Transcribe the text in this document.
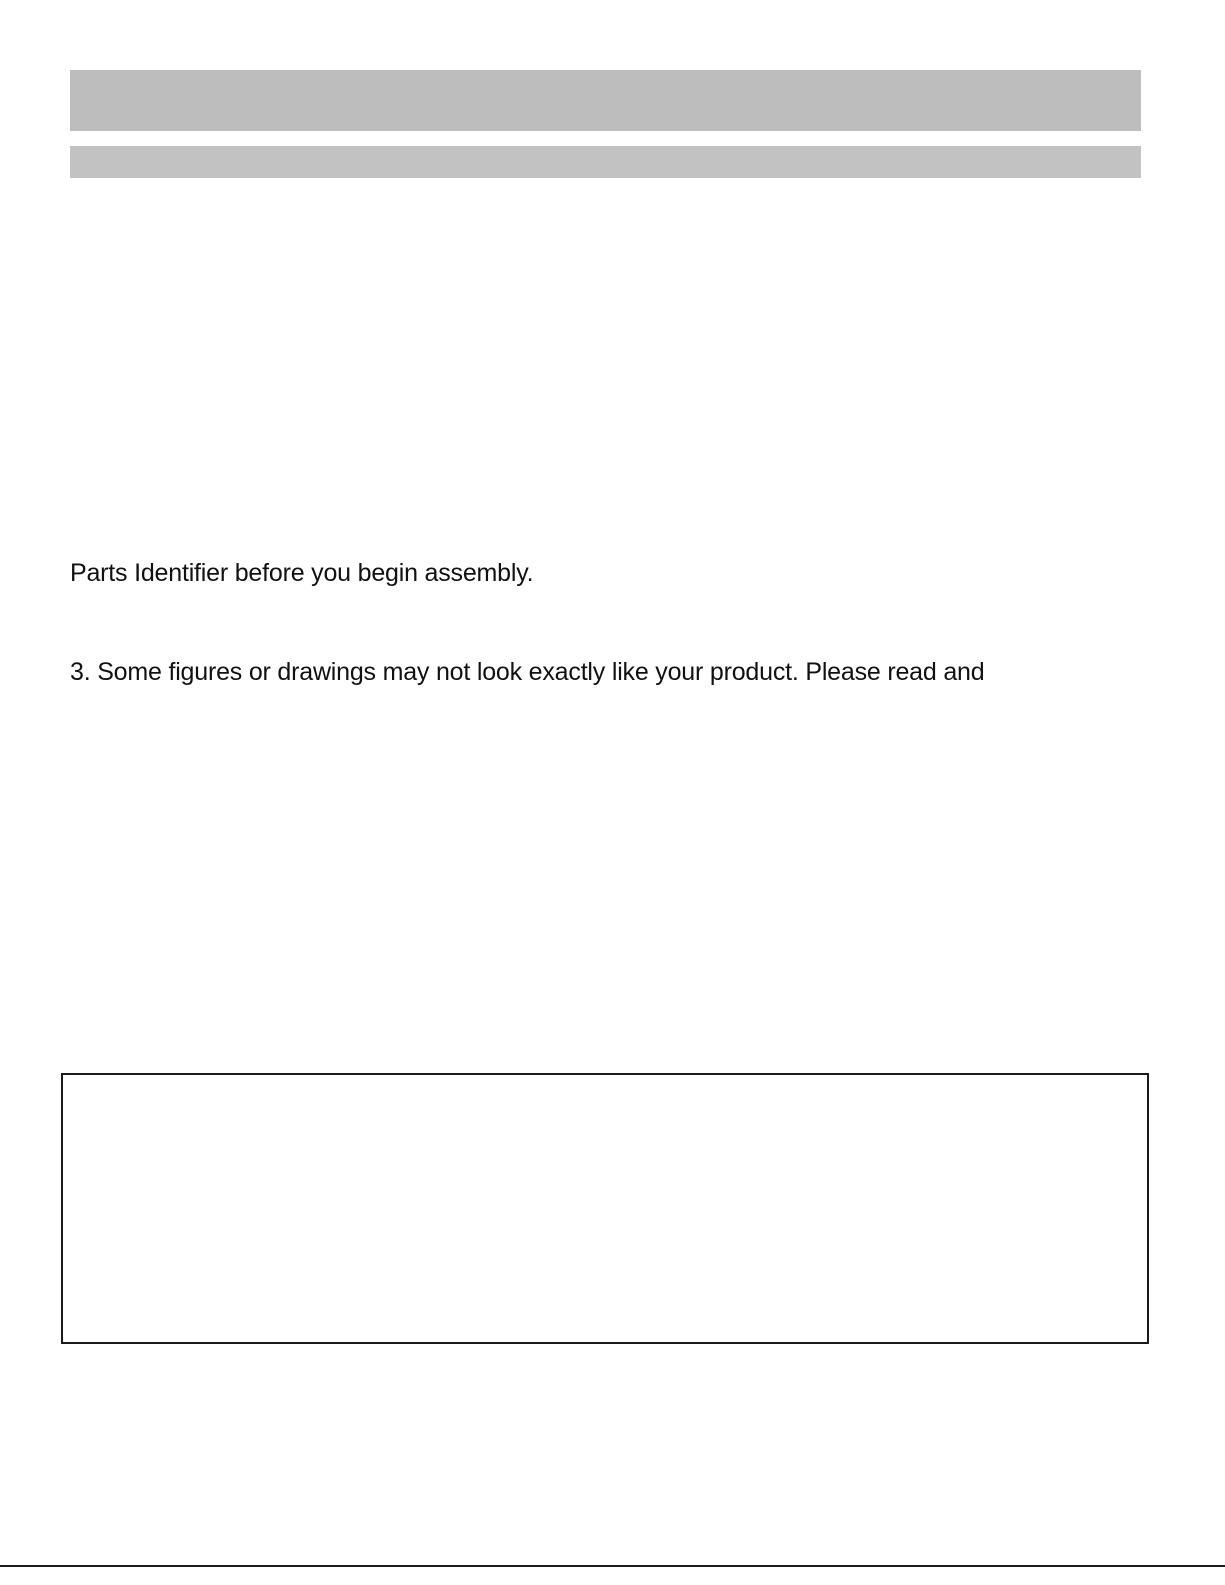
Parts Identifier before you begin assembly.
3. Some figures or drawings may not look exactly like your product. Please read and
